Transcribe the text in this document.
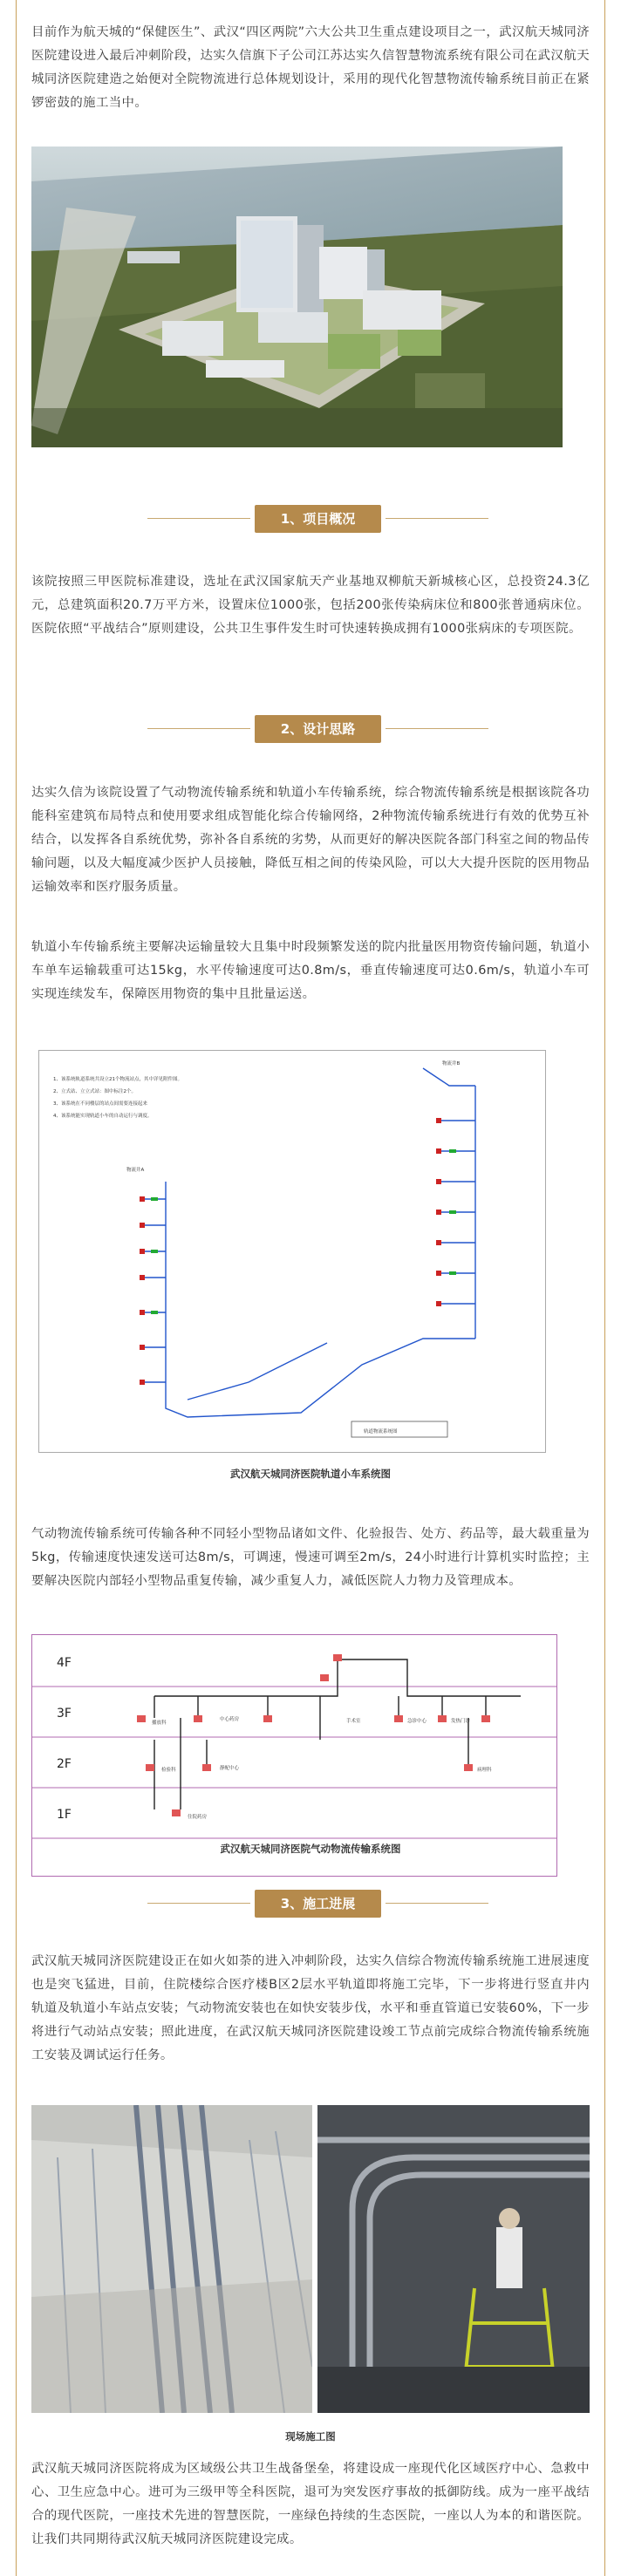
目前作为航天城的“保健医生”、武汉“四区两院”六大公共卫生重点建设项目之一，武汉航天城同济医院建设进入最后冲刺阶段，达实久信旗下子公司江苏达实久信智慧物流系统有限公司在武汉航天城同济医院建造之始便对全院物流进行总体规划设计，采用的现代化智慧物流传输系统目前正在紧锣密鼓的施工当中。

1、项目概况

该院按照三甲医院标准建设，选址在武汉国家航天产业基地双柳航天新城核心区，总投资24.3亿元，总建筑面积20.7万平方米，设置床位1000张，包括200张传染病床位和800张普通病床位。医院依照“平战结合”原则建设，公共卫生事件发生时可快速转换成拥有1000张病床的专项医院。

2、设计思路

达实久信为该院设置了气动物流传输系统和轨道小车传输系统，综合物流传输系统是根据该院各功能科室建筑布局特点和使用要求组成智能化综合传输网络，2种物流传输系统进行有效的优势互补结合，以发挥各自系统优势，弥补各自系统的劣势，从而更好的解决医院各部门科室之间的物品传输问题，以及大幅度减少医护人员接触，降低互相之间的传染风险，可以大大提升医院的医用物品运输效率和医疗服务质量。

轨道小车传输系统主要解决运输量较大且集中时段频繁发送的院内批量医用物资传输问题，轨道小车单车运输载重可达15kg，水平传输速度可达0.8m/s，垂直传输速度可达0.6m/s，轨道小车可实现连续发车，保障医用物资的集中且批量运送。

1、该系统轨道系统共设立21个物流站点，其中详见附件图。
2、立式站、立立式站：图中标注2个。
3、该系统在不同楼层的站点间需要连接起来
4、该系统能实现轨道小车的自动运行与调度。
物流井A
物流井B
轨道物流系统图
武汉航天城同济医院轨道小车系统图

气动物流传输系统可传输各种不同轻小型物品诸如文件、化验报告、处方、药品等，最大载重量为5kg，传输速度快速发送可达8m/s，可调速，慢速可调至2m/s，24小时进行计算机实时监控；主要解决医院内部轻小型物品重复传输，减少重复人力，减低医院人力物力及管理成本。

4F
3F
2F
1F
中心药房
播放科
静配中心
检验科
急诊中心
住院药房
发热门诊
病理科
手术室
武汉航天城同济医院气动物流传输系统图
3、施工进展

武汉航天城同济医院建设正在如火如荼的进入冲刺阶段，达实久信综合物流传输系统施工进展速度也是突飞猛进，目前，住院楼综合医疗楼B区2层水平轨道即将施工完毕，下一步将进行竖直井内轨道及轨道小车站点安装；气动物流安装也在如快安装步伐，水平和垂直管道已安装60%，下一步将进行气动站点安装；照此进度，在武汉航天城同济医院建设竣工节点前完成综合物流传输系统施工安装及调试运行任务。

现场施工图

武汉航天城同济医院将成为区域级公共卫生战备堡垒，将建设成一座现代化区域医疗中心、急救中心、卫生应急中心。进可为三级甲等全科医院，退可为突发医疗事故的抵御防线。成为一座平战结合的现代医院，一座技术先进的智慧医院，一座绿色持续的生态医院，一座以人为本的和谐医院。让我们共同期待武汉航天城同济医院建设完成。
